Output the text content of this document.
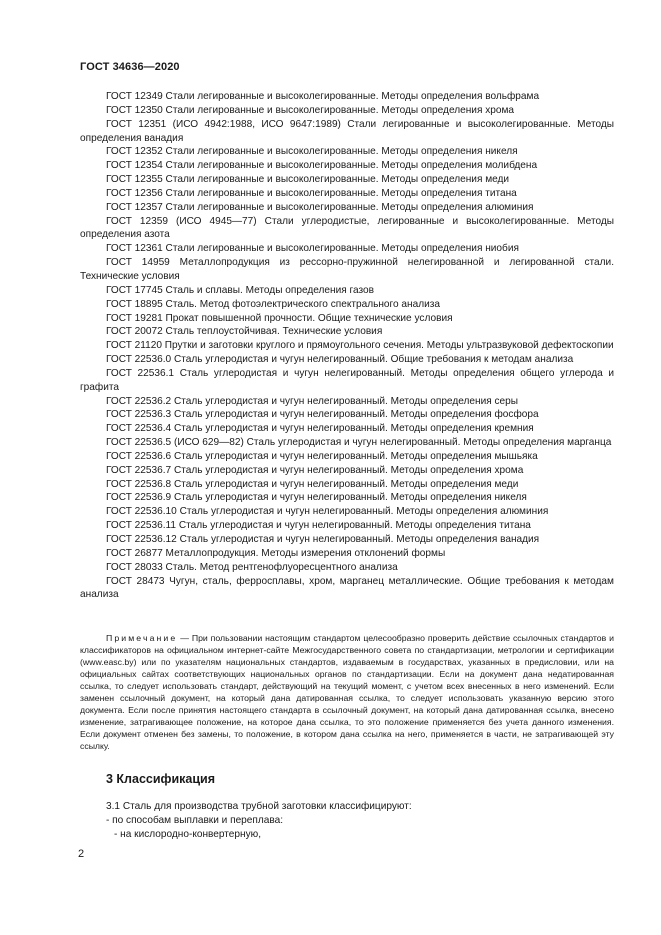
ГОСТ 34636—2020

ГОСТ 12349 Стали легированные и высоколегированные. Методы определения вольфрама

ГОСТ 12350 Стали легированные и высоколегированные. Методы определения хрома

ГОСТ 12351 (ИСО 4942:1988, ИСО 9647:1989) Стали легированные и высоколегированные. Методы определения ванадия

ГОСТ 12352 Стали легированные и высоколегированные. Методы определения никеля

ГОСТ 12354 Стали легированные и высоколегированные. Методы определения молибдена

ГОСТ 12355 Стали легированные и высоколегированные. Методы определения меди

ГОСТ 12356 Стали легированные и высоколегированные. Методы определения титана

ГОСТ 12357 Стали легированные и высоколегированные. Методы определения алюминия

ГОСТ 12359 (ИСО 4945—77) Стали углеродистые, легированные и высоколегированные. Методы определения азота

ГОСТ 12361 Стали легированные и высоколегированные. Методы определения ниобия

ГОСТ 14959 Металлопродукция из рессорно-пружинной нелегированной и легированной стали. Технические условия

ГОСТ 17745 Сталь и сплавы. Методы определения газов

ГОСТ 18895 Сталь. Метод фотоэлектрического спектрального анализа

ГОСТ 19281 Прокат повышенной прочности. Общие технические условия

ГОСТ 20072 Сталь теплоустойчивая. Технические условия

ГОСТ 21120 Прутки и заготовки круглого и прямоугольного сечения. Методы ультразвуковой дефектоскопии

ГОСТ 22536.0 Сталь углеродистая и чугун нелегированный. Общие требования к методам анализа

ГОСТ 22536.1 Сталь углеродистая и чугун нелегированный. Методы определения общего углерода и графита

ГОСТ 22536.2 Сталь углеродистая и чугун нелегированный. Методы определения серы

ГОСТ 22536.3 Сталь углеродистая и чугун нелегированный. Методы определения фосфора

ГОСТ 22536.4 Сталь углеродистая и чугун нелегированный. Методы определения кремния

ГОСТ 22536.5 (ИСО 629—82) Сталь углеродистая и чугун нелегированный. Методы определения марганца

ГОСТ 22536.6 Сталь углеродистая и чугун нелегированный. Методы определения мышьяка

ГОСТ 22536.7 Сталь углеродистая и чугун нелегированный. Методы определения хрома

ГОСТ 22536.8 Сталь углеродистая и чугун нелегированный. Методы определения меди

ГОСТ 22536.9 Сталь углеродистая и чугун нелегированный. Методы определения никеля

ГОСТ 22536.10 Сталь углеродистая и чугун нелегированный. Методы определения алюминия

ГОСТ 22536.11 Сталь углеродистая и чугун нелегированный. Методы определения титана

ГОСТ 22536.12 Сталь углеродистая и чугун нелегированный. Методы определения ванадия

ГОСТ 26877 Металлопродукция. Методы измерения отклонений формы

ГОСТ 28033 Сталь. Метод рентгенофлуоресцентного анализа

ГОСТ 28473 Чугун, сталь, ферросплавы, хром, марганец металлические. Общие требования к методам анализа

Примечание — При пользовании настоящим стандартом целесообразно проверить действие ссылочных стандартов и классификаторов на официальном интернет-сайте Межгосударственного совета по стандартизации, метрологии и сертификации (www.easc.by) или по указателям национальных стандартов, издаваемым в государствах, указанных в предисловии, или на официальных сайтах соответствующих национальных органов по стандартизации. Если на документ дана недатированная ссылка, то следует использовать стандарт, действующий на текущий момент, с учетом всех внесенных в него изменений. Если заменен ссылочный документ, на который дана датированная ссылка, то следует использовать указанную версию этого документа. Если после принятия настоящего стандарта в ссылочный документ, на который дана датированная ссылка, внесено изменение, затрагивающее положение, на которое дана ссылка, то это положение применяется без учета данного изменения. Если документ отменен без замены, то положение, в котором дана ссылка на него, применяется в части, не затрагивающей эту ссылку.
3 Классификация

3.1 Сталь для производства трубной заготовки классифицируют:

- по способам выплавки и переплава:

- на кислородно-конвертерную,

2
